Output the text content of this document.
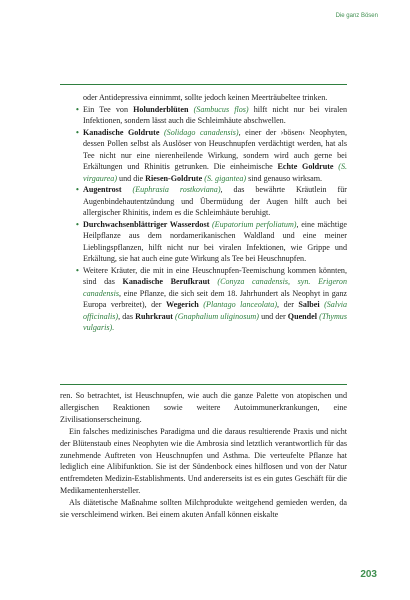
Die ganz Bösen

oder Antidepressiva einnimmt, sollte jedoch keinen Meerträubeltee trinken.

• Ein Tee von Holunderblüten (Sambucus flos) hilft nicht nur bei viralen Infektionen, sondern lässt auch die Schleimhäute abschwellen.

• Kanadische Goldrute (Solidago canadensis), einer der ›bösen‹ Neophyten, dessen Pollen selbst als Auslöser von Heuschnupfen verdächtigt werden, hat als Tee nicht nur eine nierenheilende Wirkung, sondern wird auch gerne bei Erkältungen und Rhinitis getrunken. Die einheimische Echte Goldrute (S. virgaurea) und die Riesen-Goldrute (S. gigantea) sind genauso wirksam.

• Augentrost (Euphrasia rostkoviana), das bewährte Kräutlein für Augenbindehautentzündung und Übermüdung der Augen hilft auch bei allergischer Rhinitis, indem es die Schleimhäute beruhigt.

• Durchwachsenblättriger Wasserdost (Eupatorium perfoliatum), eine mächtige Heilpflanze aus dem nordamerikanischen Waldland und eine meiner Lieblingspflanzen, hilft nicht nur bei viralen Infektionen, wie Grippe und Erkältung, sie hat auch eine gute Wirkung als Tee bei Heuschnupfen.

• Weitere Kräuter, die mit in eine Heuschnupfen-Teemischung kommen könnten, sind das Kanadische Berufkraut (Conyza canadensis, syn. Erigeron canadensis, eine Pflanze, die sich seit dem 18. Jahrhundert als Neophyt in ganz Europa verbreitet), der Wegerich (Plantago lanceolata), der Salbei (Salvia officinalis), das Ruhrkraut (Gnaphalium uliginosum) und der Quendel (Thymus vulgaris).

ren. So betrachtet, ist Heuschnupfen, wie auch die ganze Palette von atopischen und allergischen Reaktionen sowie weitere Autoimmunerkrankungen, eine Zivilisationserscheinung.

Ein falsches medizinisches Paradigma und die daraus resultierende Praxis und nicht der Blütenstaub eines Neophyten wie die Ambrosia sind letztlich verantwortlich für das zunehmende Auftreten von Heuschnupfen und Asthma. Die verteufelte Pflanze hat lediglich eine Alibifunktion. Sie ist der Sündenbock eines hilflosen und von der Natur entfremdeten Medizin-Establishments. Und andererseits ist es ein gutes Geschäft für die Medikamentenhersteller.

Als diätetische Maßnahme sollten Milchprodukte weitgehend gemieden werden, da sie verschleimend wirken. Bei einem akuten Anfall können eiskalte

203
